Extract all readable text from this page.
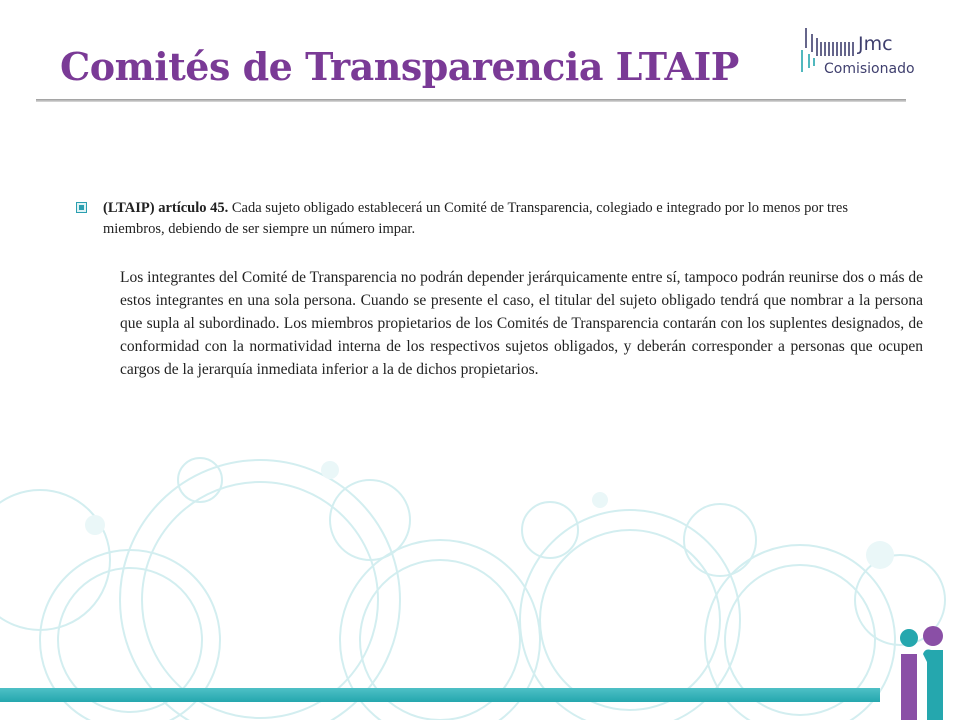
Comités de Transparencia LTAIP	Jmc
Comisionado

(LTAIP) artículo 45. Cada sujeto obligado establecerá un Comité de Transparencia, colegiado e integrado por lo menos por tres miembros, debiendo de ser siempre un número impar.

Los integrantes del Comité de Transparencia no podrán depender jerárquicamente entre sí, tampoco podrán reunirse dos o más de estos integrantes en una sola persona. Cuando se presente el caso, el titular del sujeto obligado tendrá que nombrar a la persona que supla al subordinado. Los miembros propietarios de los Comités de Transparencia contarán con los suplentes designados, de conformidad con la normatividad interna de los respectivos sujetos obligados, y deberán corresponder a personas que ocupen cargos de la jerarquía inmediata inferior a la de dichos propietarios.
